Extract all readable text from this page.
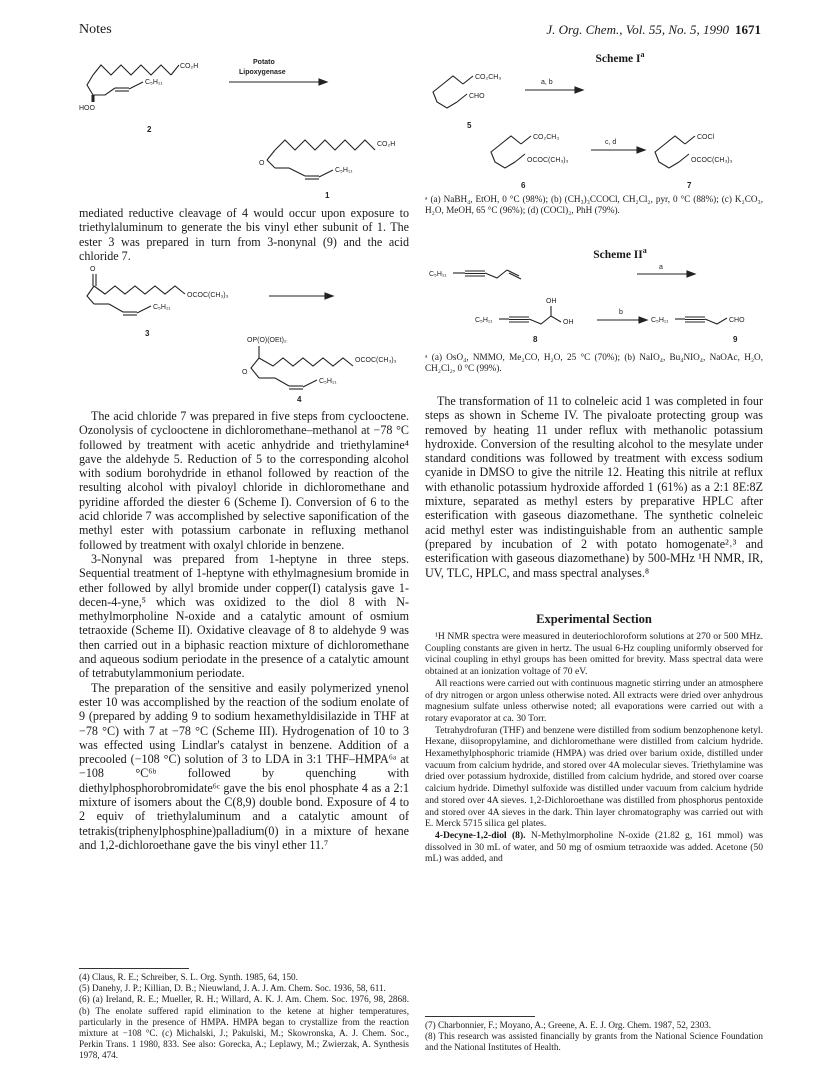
Notes	J. Org. Chem., Vol. 55, No. 5, 1990 1671
CO₂H
C₅H₁₁
HOO
2
Potato
Lipoxygenase
CO₂H
O
C₅H₁₁
1

mediated reductive cleavage of 4 would occur upon exposure to triethylaluminum to generate the bis vinyl ether subunit of 1. The ester 3 was prepared in turn from 3-nonynal (9) and the acid chloride 7.

O
OCOC(CH₃)₃
C₅H₁₁
3
OP(O)(OEt)₂
OCOC(CH₃)₃
O
C₅H₁₁
4

The acid chloride 7 was prepared in five steps from cyclooctene. Ozonolysis of cyclooctene in dichloromethane–methanol at −78 °C followed by treatment with acetic anhydride and triethylamine⁴ gave the aldehyde 5. Reduction of 5 to the corresponding alcohol with sodium borohydride in ethanol followed by reaction of the resulting alcohol with pivaloyl chloride in dichloromethane and pyridine afforded the diester 6 (Scheme I). Conversion of 6 to the acid chloride 7 was accomplished by selective saponification of the methyl ester with potassium carbonate in refluxing methanol followed by treatment with oxalyl chloride in benzene.

3-Nonynal was prepared from 1-heptyne in three steps. Sequential treatment of 1-heptyne with ethylmagnesium bromide in ether followed by allyl bromide under copper(I) catalysis gave 1-decen-4-yne,⁵ which was oxidized to the diol 8 with N-methylmorpholine N-oxide and a catalytic amount of osmium tetraoxide (Scheme II). Oxidative cleavage of 8 to aldehyde 9 was then carried out in a biphasic reaction mixture of dichloromethane and aqueous sodium periodate in the presence of a catalytic amount of tetrabutylammonium periodate.

The preparation of the sensitive and easily polymerized ynenol ester 10 was accomplished by the reaction of the sodium enolate of 9 (prepared by adding 9 to sodium hexamethyldisilazide in THF at −78 °C) with 7 at −78 °C (Scheme III). Hydrogenation of 10 to 3 was effected using Lindlar's catalyst in benzene. Addition of a precooled (−108 °C) solution of 3 to LDA in 3:1 THF–HMPA⁶ᵃ at −108 °C⁶ᵇ followed by quenching with diethylphosphorobromidate⁶ᶜ gave the bis enol phosphate 4 as a 2:1 mixture of isomers about the C(8,9) double bond. Exposure of 4 to 2 equiv of triethylaluminum and a catalytic amount of tetrakis(triphenylphosphine)palladium(0) in a mixture of hexane and 1,2-dichloroethane gave the bis vinyl ether 11.⁷

(4) Claus, R. E.; Schreiber, S. L. Org. Synth. 1985, 64, 150.

(5) Danehy, J. P.; Killian, D. B.; Nieuwland, J. A. J. Am. Chem. Soc. 1936, 58, 611.

(6) (a) Ireland, R. E.; Mueller, R. H.; Willard, A. K. J. Am. Chem. Soc. 1976, 98, 2868. (b) The enolate suffered rapid elimination to the ketene at higher temperatures, particularly in the presence of HMPA. HMPA began to crystallize from the reaction mixture at −108 °C. (c) Michalski, J.; Pakulski, M.; Skowronska, A. J. Chem. Soc., Perkin Trans. 1 1980, 833. See also: Gorecka, A.; Leplawy, M.; Zwierzak, A. Synthesis 1978, 474.

Scheme $I^a$
CO₂CH₃
CHO
5
a, b
CO₂CH₃
OCOC(CH₃)₃
6
c, d
COCl
OCOC(CH₃)₃
7

ᵃ (a) NaBH₄, EtOH, 0 °C (98%); (b) (CH₃)₃CCOCl, CH₂Cl₂, pyr, 0 °C (88%); (c) K₂CO₃, H₂O, MeOH, 65 °C (96%); (d) (COCl)₂, PhH (79%).

Scheme $II^a$
C₅H₁₁
a
C₅H₁₁
OH
OH
8
b
C₅H₁₁	CHO
9

ᵃ (a) OsO₄, NMMO, Me₂CO, H₂O, 25 °C (70%); (b) NaIO₄, Bu₄NIO₄, NaOAc, H₂O, CH₂Cl₂, 0 °C (99%).

The transformation of 11 to colneleic acid 1 was completed in four steps as shown in Scheme IV. The pivaloate protecting group was removed by heating 11 under reflux with methanolic potassium hydroxide. Conversion of the resulting alcohol to the mesylate under standard conditions was followed by treatment with excess sodium cyanide in DMSO to give the nitrile 12. Heating this nitrile at reflux with ethanolic potassium hydroxide afforded 1 (61%) as a 2:1 8E:8Z mixture, separated as methyl esters by preparative HPLC after esterification with gaseous diazomethane. The synthetic colneleic acid methyl ester was indistinguishable from an authentic sample (prepared by incubation of 2 with potato homogenate²˒³ and esterification with gaseous diazomethane) by 500-MHz ¹H NMR, IR, UV, TLC, HPLC, and mass spectral analyses.⁸

Experimental Section

¹H NMR spectra were measured in deuteriochloroform solutions at 270 or 500 MHz. Coupling constants are given in hertz. The usual 6-Hz coupling uniformly observed for vicinal coupling in ethyl groups has been omitted for brevity. Mass spectral data were obtained at an ionization voltage of 70 eV.

All reactions were carried out with continuous magnetic stirring under an atmosphere of dry nitrogen or argon unless otherwise noted. All extracts were dried over anhydrous magnesium sulfate unless otherwise noted; all evaporations were carried out with a rotary evaporator at ca. 30 Torr.

Tetrahydrofuran (THF) and benzene were distilled from sodium benzophenone ketyl. Hexane, diisopropylamine, and dichloromethane were distilled from calcium hydride. Hexamethylphosphoric triamide (HMPA) was dried over barium oxide, distilled under vacuum from calcium hydride, and stored over 4A molecular sieves. Triethylamine was dried over potassium hydroxide, distilled from calcium hydride, and stored over coarse calcium hydride. Dimethyl sulfoxide was distilled under vacuum from calcium hydride and stored over 4A sieves. 1,2-Dichloroethane was distilled from phosphorus pentoxide and stored over 4A sieves in the dark. Thin layer chromatography was carried out with E. Merck 5715 silica gel plates.

4-Decyne-1,2-diol (8). N-Methylmorpholine N-oxide (21.82 g, 161 mmol) was dissolved in 30 mL of water, and 50 mg of osmium tetraoxide was added. Acetone (50 mL) was added, and

(7) Charbonnier, F.; Moyano, A.; Greene, A. E. J. Org. Chem. 1987, 52, 2303.

(8) This research was assisted financially by grants from the National Science Foundation and the National Institutes of Health.
